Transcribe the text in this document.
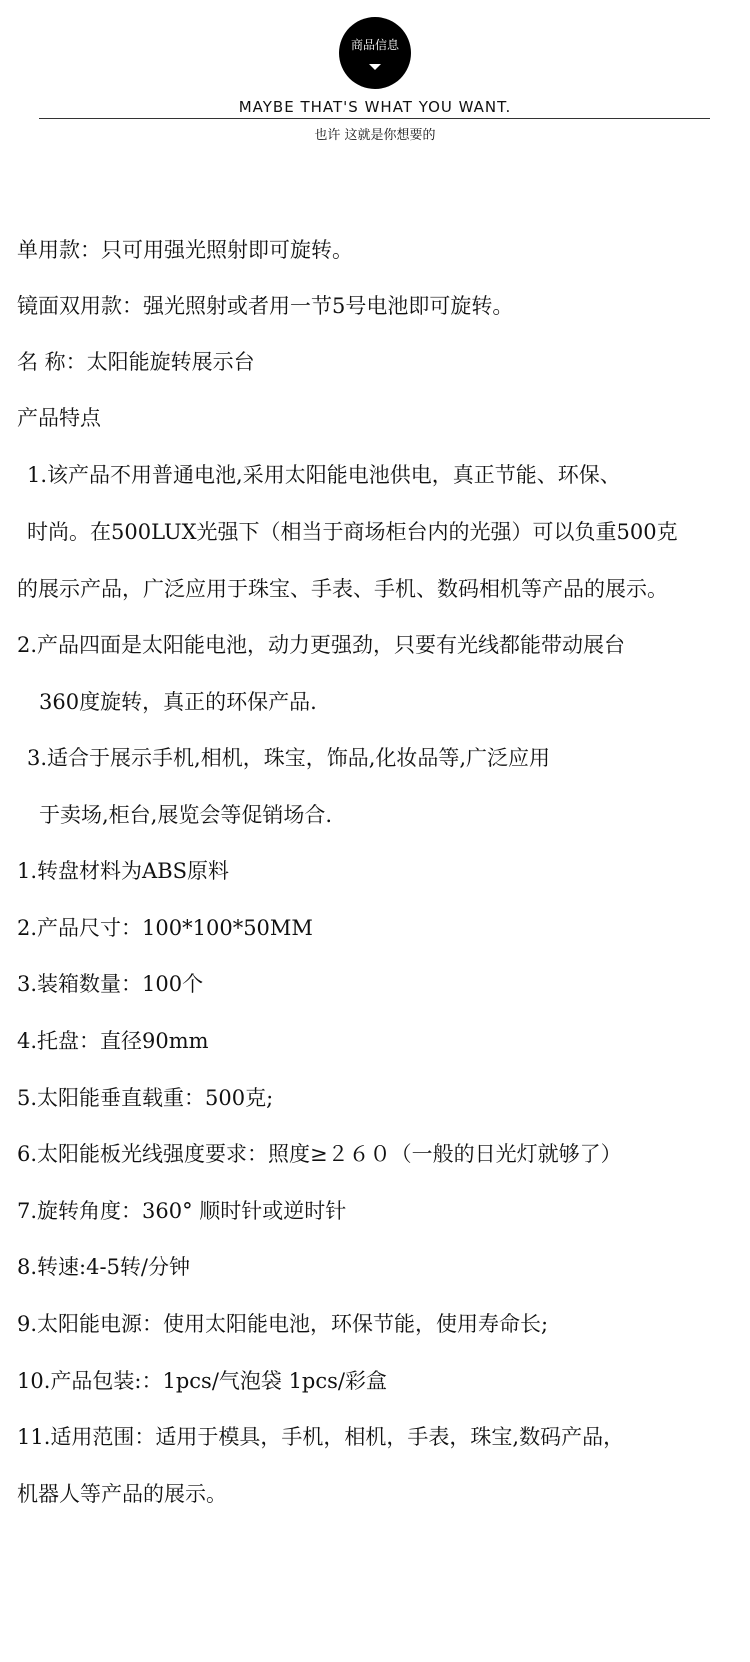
商品信息
MAYBE THAT'S WHAT YOU WANT.
也许 这就是你想要的
单用款：只可用强光照射即可旋转。
镜面双用款：强光照射或者用一节5号电池即可旋转。
名 称：太阳能旋转展示台
产品特点
1.该产品不用普通电池,采用太阳能电池供电，真正节能、环保、
时尚。在500LUX光强下（相当于商场柜台内的光强）可以负重500克
的展示产品，广泛应用于珠宝、手表、手机、数码相机等产品的展示。
2.产品四面是太阳能电池，动力更强劲，只要有光线都能带动展台
360度旋转，真正的环保产品.
3.适合于展示手机,相机，珠宝，饰品,化妆品等,广泛应用
于卖场,柜台,展览会等促销场合.
1.转盘材料为ABS原料
2.产品尺寸：100*100*50MM
3.装箱数量：100个
4.托盘：直径90mm
5.太阳能垂直载重：500克;
6.太阳能板光线强度要求：照度≥２６０（一般的日光灯就够了）
7.旋转角度：360° 顺时针或逆时针
8.转速:4-5转/分钟
9.太阳能电源：使用太阳能电池，环保节能，使用寿命长;
10.产品包装:：1pcs/气泡袋 1pcs/彩盒
11.适用范围：适用于模具，手机，相机，手表，珠宝,数码产品，
机器人等产品的展示。
